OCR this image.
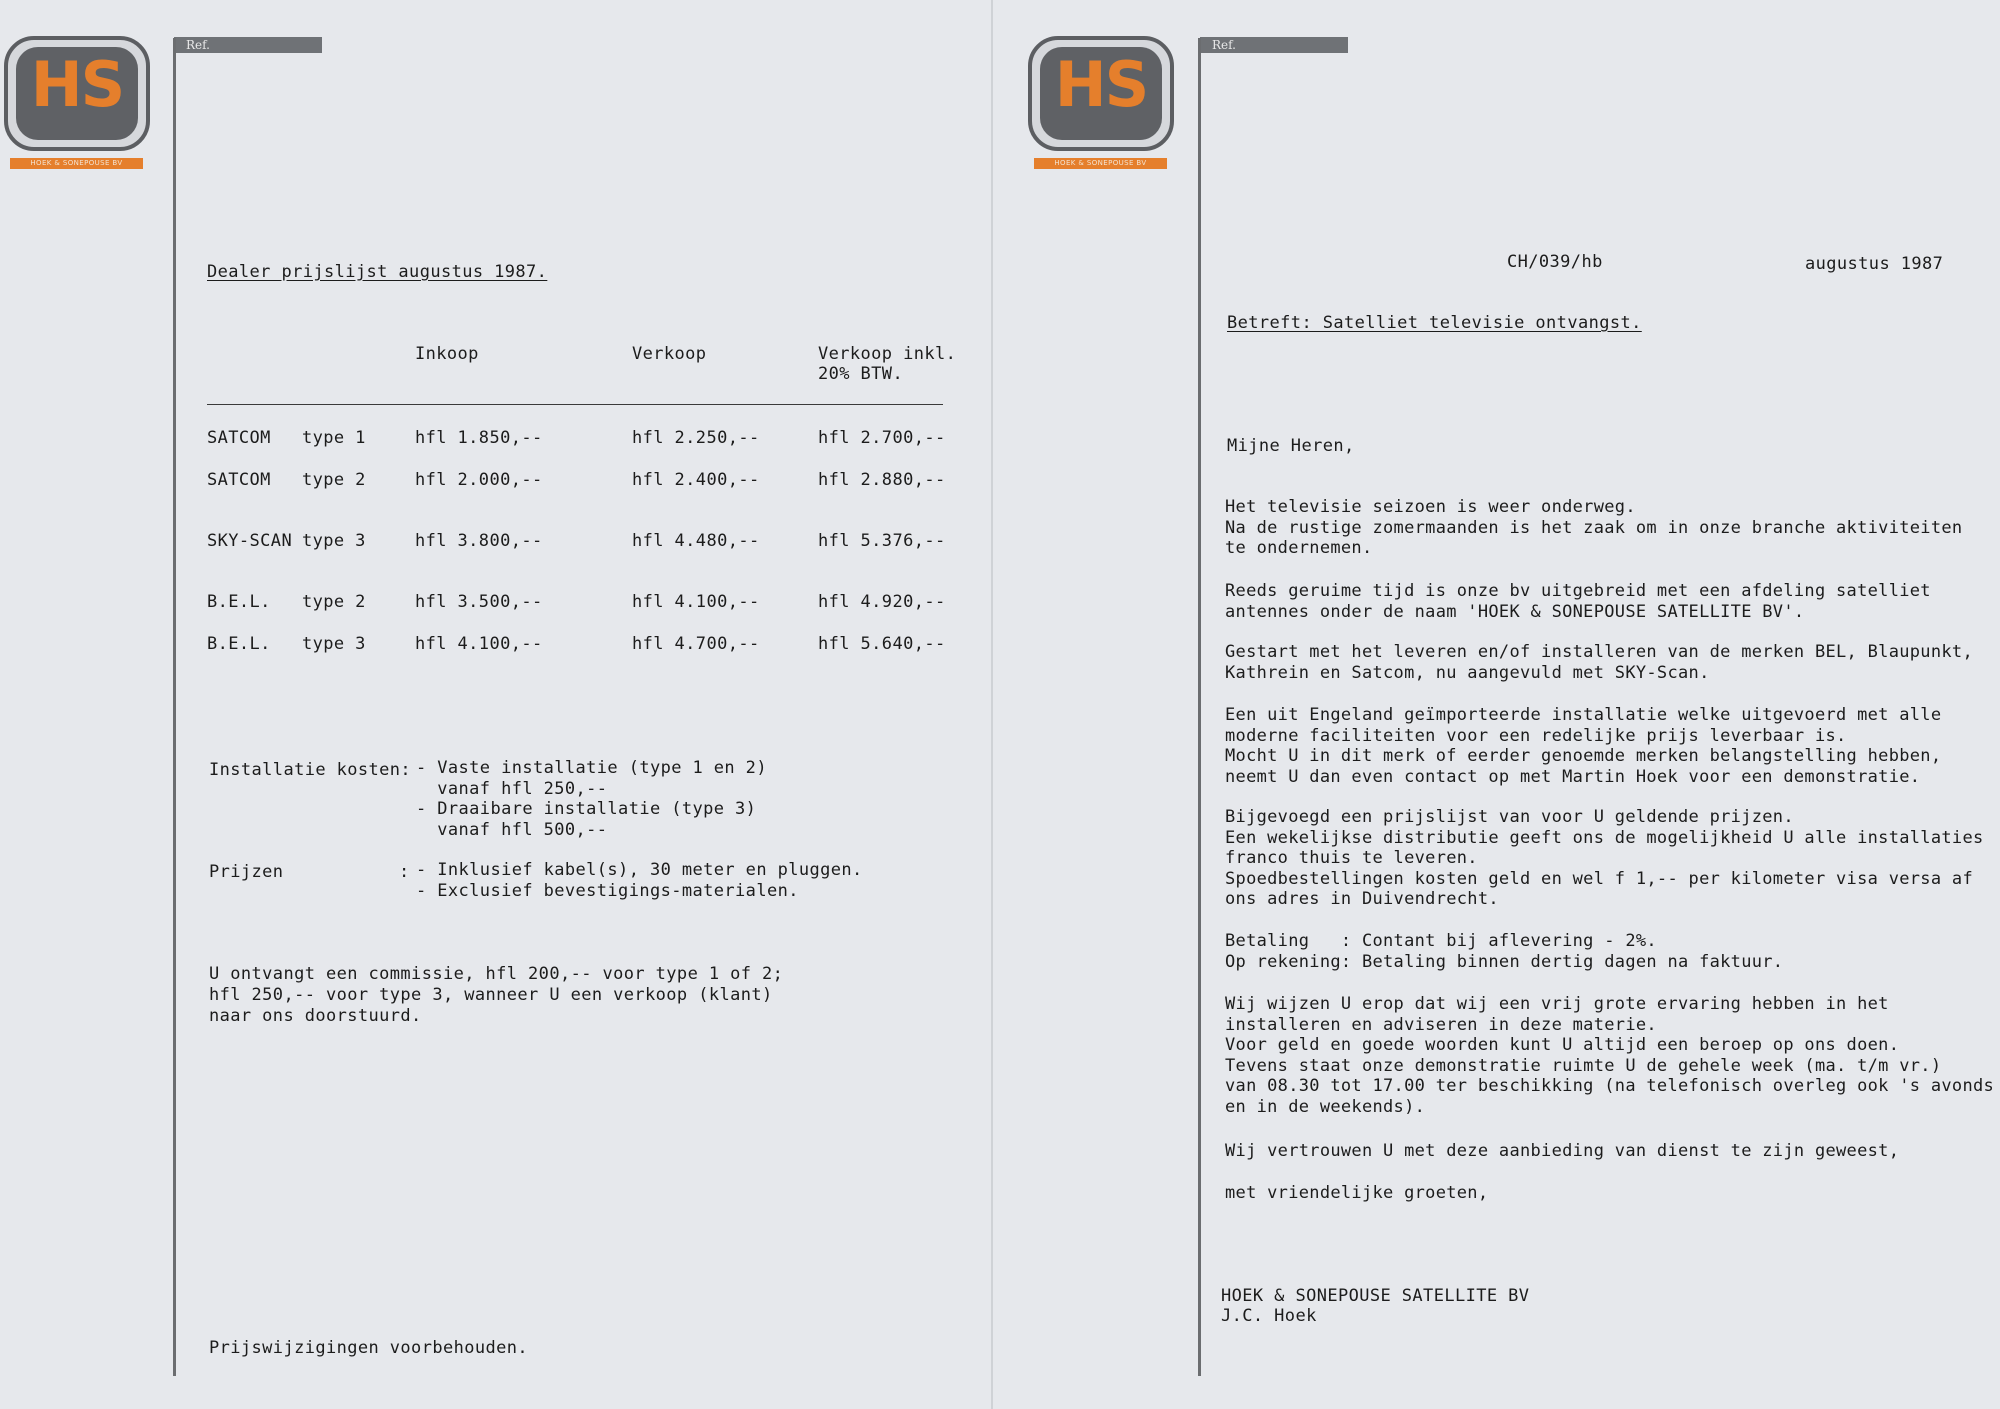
HS
HOEK & SONEPOUSE BV
Ref.
Dealer prijslijst augustus 1987.
Inkoop	Verkoop	Verkoop inkl.
20% BTW.
SATCOM type 1	hfl 1.850,--	hfl 2.250,--	hfl 2.700,--
SATCOM type 2	hfl 2.000,--	hfl 2.400,--	hfl 2.880,--
SKY-SCAN type 3	hfl 3.800,--	hfl 4.480,--	hfl 5.376,--
B.E.L. type 2	hfl 3.500,--	hfl 4.100,--	hfl 4.920,--
B.E.L. type 3	hfl 4.100,--	hfl 4.700,--	hfl 5.640,--
Installatie kosten: - Vaste installatie (type 1 en 2)
vanaf hfl 250,--
- Draaibare installatie (type 3)
vanaf hfl 500,--
Prijzen	: - Inklusief kabel(s), 30 meter en pluggen.
- Exclusief bevestigings-materialen.
U ontvangt een commissie, hfl 200,-- voor type 1 of 2;
hfl 250,-- voor type 3, wanneer U een verkoop (klant)
naar ons doorstuurd.
Prijswijzigingen voorbehouden.
HS
HOEK & SONEPOUSE BV
Ref.
CH/039/hb	augustus 1987
Betreft: Satelliet televisie ontvangst.
Mijne Heren,
Het televisie seizoen is weer onderweg.
Na de rustige zomermaanden is het zaak om in onze branche aktiviteiten
te ondernemen.
Reeds geruime tijd is onze bv uitgebreid met een afdeling satelliet
antennes onder de naam 'HOEK & SONEPOUSE SATELLITE BV'.
Gestart met het leveren en/of installeren van de merken BEL, Blaupunkt,
Kathrein en Satcom, nu aangevuld met SKY-Scan.
Een uit Engeland geïmporteerde installatie welke uitgevoerd met alle
moderne faciliteiten voor een redelijke prijs leverbaar is.
Mocht U in dit merk of eerder genoemde merken belangstelling hebben,
neemt U dan even contact op met Martin Hoek voor een demonstratie.
Bijgevoegd een prijslijst van voor U geldende prijzen.
Een wekelijkse distributie geeft ons de mogelijkheid U alle installaties
franco thuis te leveren.
Spoedbestellingen kosten geld en wel f 1,-- per kilometer visa versa af
ons adres in Duivendrecht.
Betaling   : Contant bij aflevering - 2%.
Op rekening: Betaling binnen dertig dagen na faktuur.
Wij wijzen U erop dat wij een vrij grote ervaring hebben in het
installeren en adviseren in deze materie.
Voor geld en goede woorden kunt U altijd een beroep op ons doen.
Tevens staat onze demonstratie ruimte U de gehele week (ma. t/m vr.)
van 08.30 tot 17.00 ter beschikking (na telefonisch overleg ook 's avonds
en in de weekends).
Wij vertrouwen U met deze aanbieding van dienst te zijn geweest,
met vriendelijke groeten,
HOEK & SONEPOUSE SATELLITE BV
J.C. Hoek
